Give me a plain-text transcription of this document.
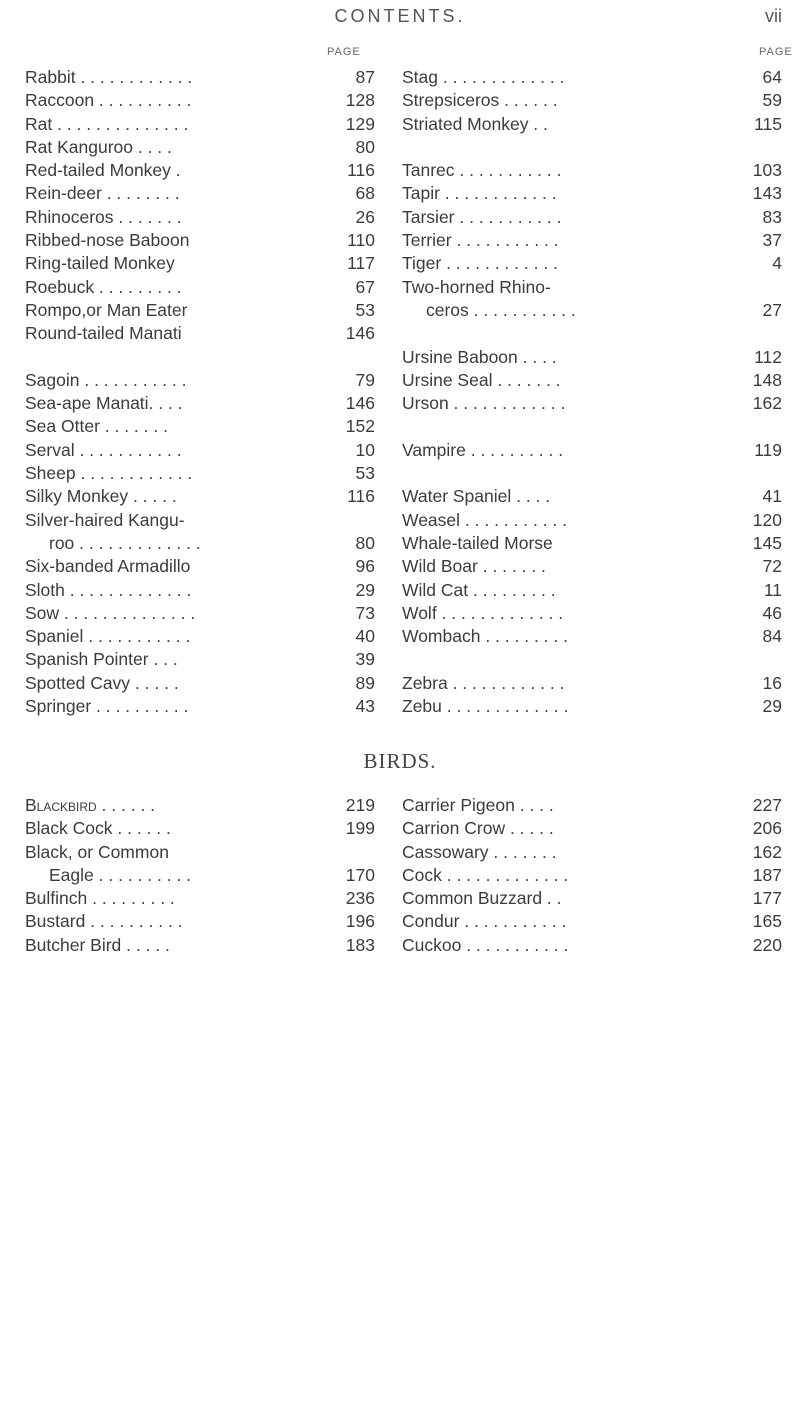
CONTENTS.	vii
PAGE
Rabbit . . . . . . . . . . . .	87
Raccoon . . . . . . . . . .	128
Rat . . . . . . . . . . . . . .	129
Rat Kanguroo . . . .	80
Red-tailed Monkey .	116
Rein-deer . . . . . . . .	68
Rhinoceros . . . . . . .	26
Ribbed-nose Baboon	110
Ring-tailed Monkey	117
Roebuck . . . . . . . . .	67
Rompo,or Man Eater	53
Round-tailed Manati	146
Sagoin . . . . . . . . . . .	79
Sea-ape Manati. . . .	146
Sea Otter . . . . . . .	152
Serval . . . . . . . . . . .	10
Sheep . . . . . . . . . . . .	53
Silky Monkey . . . . .	116
Silver-haired Kangu-
roo . . . . . . . . . . . . .	80
Six-banded Armadillo	96
Sloth . . . . . . . . . . . . .	29
Sow . . . . . . . . . . . . . .	73
Spaniel . . . . . . . . . . .	40
Spanish Pointer . . .	39
Spotted Cavy . . . . .	89
Springer . . . . . . . . . .	43
PAGE
Stag . . . . . . . . . . . . .	64
Strepsiceros . . . . . .	59
Striated Monkey . .	115
Tanrec . . . . . . . . . . .	103
Tapir . . . . . . . . . . . .	143
Tarsier . . . . . . . . . . .	83
Terrier . . . . . . . . . . .	37
Tiger . . . . . . . . . . . .	4
Two-horned Rhino-
ceros . . . . . . . . . . .	27
Ursine Baboon . . . .	112
Ursine Seal . . . . . . .	148
Urson . . . . . . . . . . . .	162
Vampire . . . . . . . . . .	119
Water Spaniel . . . .	41
Weasel . . . . . . . . . . .	120
Whale-tailed Morse	145
Wild Boar . . . . . . .	72
Wild Cat . . . . . . . . .	11
Wolf . . . . . . . . . . . . .	46
Wombach . . . . . . . . .	84
Zebra . . . . . . . . . . . .	16
Zebu . . . . . . . . . . . . .	29
BIRDS.
Blackbird . . . . . .	219
Black Cock . . . . . .	199
Black, or Common
Eagle . . . . . . . . . .	170
Bulfinch . . . . . . . . .	236
Bustard . . . . . . . . . .	196
Butcher Bird . . . . .	183
Carrier Pigeon . . . .	227
Carrion Crow . . . . .	206
Cassowary . . . . . . .	162
Cock . . . . . . . . . . . . .	187
Common Buzzard . .	177
Condur . . . . . . . . . . .	165
Cuckoo . . . . . . . . . . .	220
